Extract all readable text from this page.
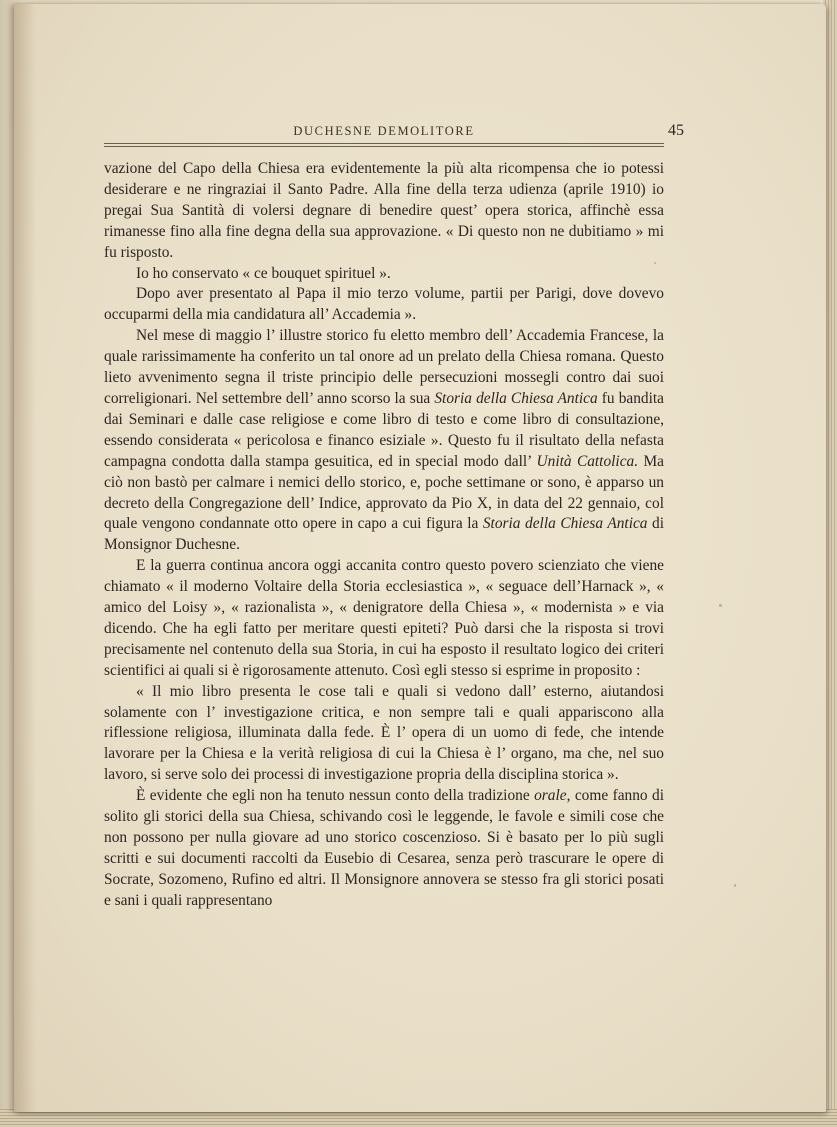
DUCHESNE DEMOLITORE	45

vazione del Capo della Chiesa era evidentemente la più alta ricompensa che io potessi desiderare e ne ringraziai il Santo Padre. Alla fine della terza udienza (aprile 1910) io pregai Sua Santità di volersi degnare di benedire quest’ opera storica, affinchè essa rimanesse fino alla fine degna della sua approvazione. « Di questo non ne dubitiamo » mi fu risposto.

Io ho conservato « ce bouquet spirituel ».

Dopo aver presentato al Papa il mio terzo volume, partii per Parigi, dove dovevo occuparmi della mia candidatura all’ Accademia ».

Nel mese di maggio l’ illustre storico fu eletto membro dell’ Accademia Francese, la quale rarissimamente ha conferito un tal onore ad un prelato della Chiesa romana. Questo lieto avvenimento segna il triste principio delle persecuzioni mossegli contro dai suoi correligionari. Nel settembre dell’ anno scorso la sua Storia della Chiesa Antica fu bandita dai Seminari e dalle case religiose e come libro di testo e come libro di consultazione, essendo considerata « pericolosa e financo esiziale ». Questo fu il risultato della nefasta campagna condotta dalla stampa gesuitica, ed in special modo dall’ Unità Cattolica. Ma ciò non bastò per calmare i nemici dello storico, e, poche settimane or sono, è apparso un decreto della Congregazione dell’ Indice, approvato da Pio X, in data del 22 gennaio, col quale vengono condannate otto opere in capo a cui figura la Storia della Chiesa Antica di Monsignor Duchesne.

E la guerra continua ancora oggi accanita contro questo povero scienziato che viene chiamato « il moderno Voltaire della Storia ecclesiastica », « seguace dell’Harnack », « amico del Loisy », « razionalista », « denigratore della Chiesa », « modernista » e via dicendo. Che ha egli fatto per meritare questi epiteti? Può darsi che la risposta si trovi precisamente nel contenuto della sua Storia, in cui ha esposto il resultato logico dei criteri scientifici ai quali si è rigorosamente attenuto. Così egli stesso si esprime in proposito :

« Il mio libro presenta le cose tali e quali si vedono dall’ esterno, aiutandosi solamente con l’ investigazione critica, e non sempre tali e quali appariscono alla riflessione religiosa, illuminata dalla fede. È l’ opera di un uomo di fede, che intende lavorare per la Chiesa e la verità religiosa di cui la Chiesa è l’ organo, ma che, nel suo lavoro, si serve solo dei processi di investigazione propria della disciplina storica ».

È evidente che egli non ha tenuto nessun conto della tradizione orale, come fanno di solito gli storici della sua Chiesa, schivando così le leggende, le favole e simili cose che non possono per nulla giovare ad uno storico coscenzioso. Si è basato per lo più sugli scritti e sui documenti raccolti da Eusebio di Cesarea, senza però trascurare le opere di Socrate, Sozomeno, Rufino ed altri. Il Monsignore annovera se stesso fra gli storici posati e sani i quali rappresentano
